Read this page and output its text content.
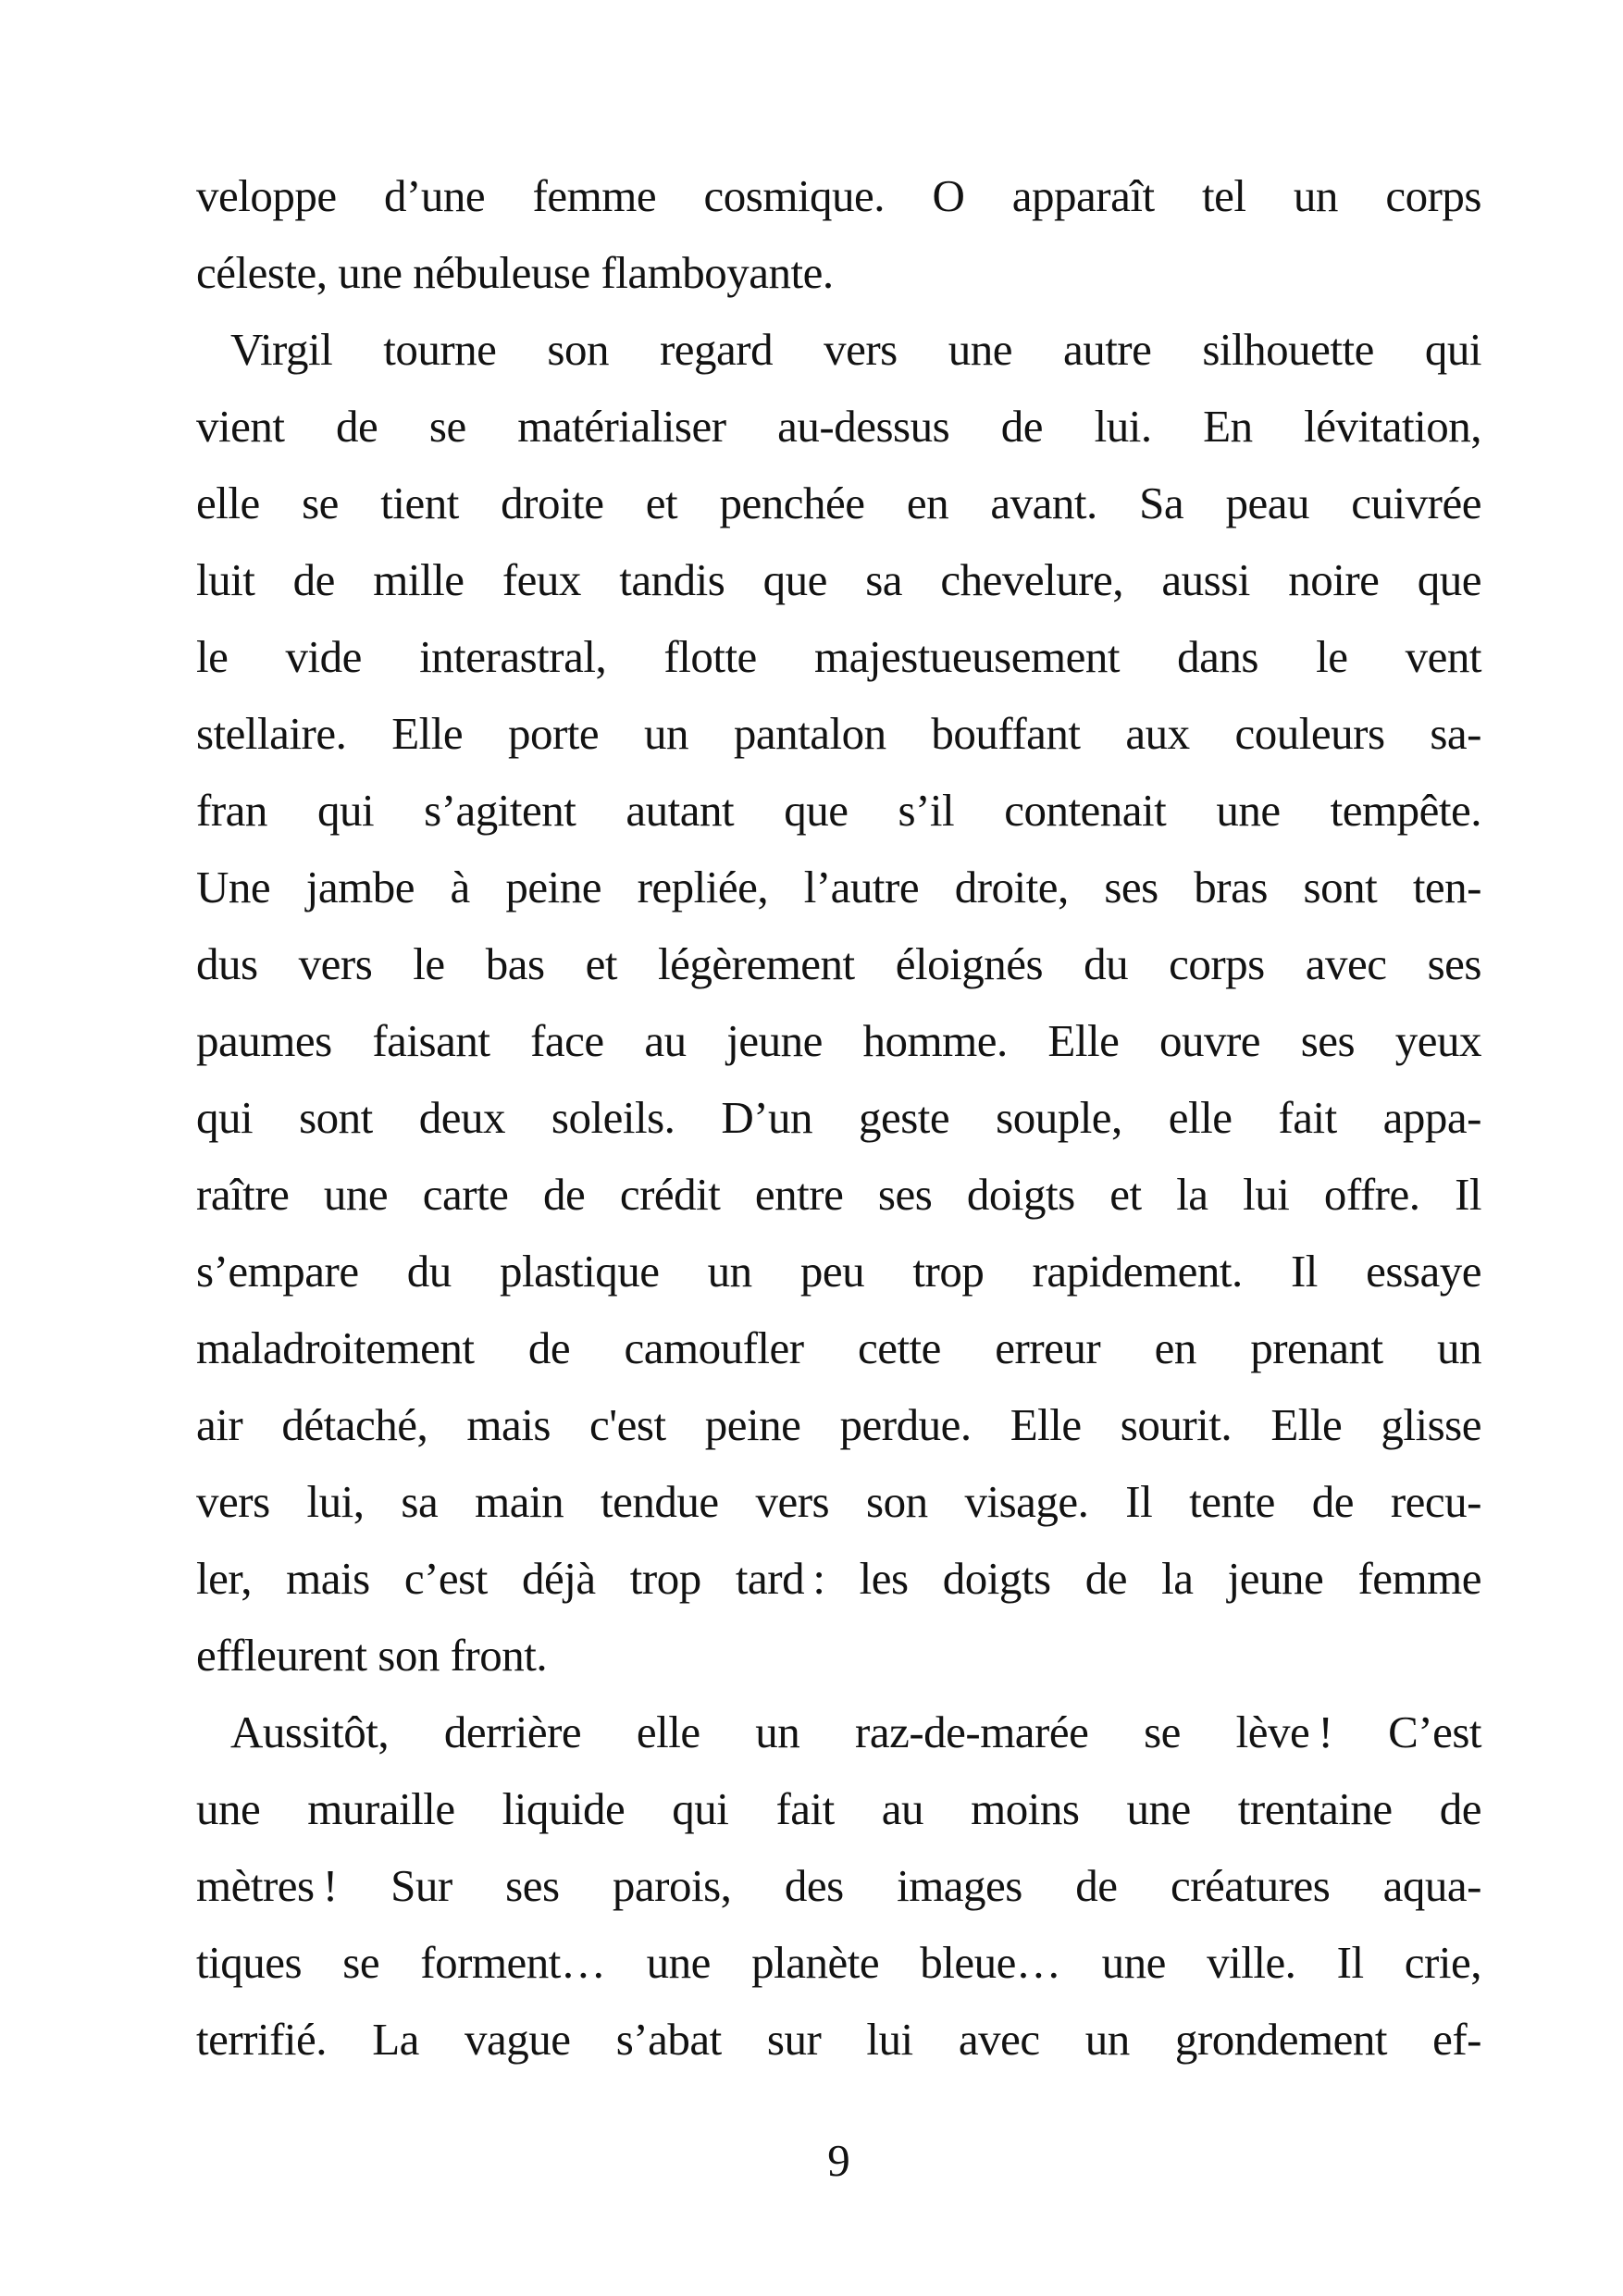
veloppe d’une femme cosmique. O apparaît tel un corps
céleste, une nébuleuse flamboyante.
Virgil tourne son regard vers une autre silhouette qui
vient de se matérialiser au-dessus de lui. En lévitation,
elle se tient droite et penchée en avant. Sa peau cuivrée
luit de mille feux tandis que sa chevelure, aussi noire que
le vide interastral, flotte majestueusement dans le vent
stellaire. Elle porte un pantalon bouffant aux couleurs sa-
fran qui s’agitent autant que s’il contenait une tempête.
Une jambe à peine repliée, l’autre droite, ses bras sont ten-
dus vers le bas et légèrement éloignés du corps avec ses
paumes faisant face au jeune homme. Elle ouvre ses yeux
qui sont deux soleils. D’un geste souple, elle fait appa-
raître une carte de crédit entre ses doigts et la lui offre. Il
s’empare du plastique un peu trop rapidement. Il essaye
maladroitement de camoufler cette erreur en prenant un
air détaché, mais c'est peine perdue. Elle sourit. Elle glisse
vers lui, sa main tendue vers son visage. Il tente de recu-
ler, mais c’est déjà trop tard : les doigts de la jeune femme
effleurent son front.
Aussitôt, derrière elle un raz-de-marée se lève ! C’est
une muraille liquide qui fait au moins une trentaine de
mètres ! Sur ses parois, des images de créatures aqua-
tiques se forment… une planète bleue… une ville. Il crie,
terrifié. La vague s’abat sur lui avec un grondement ef-
9
